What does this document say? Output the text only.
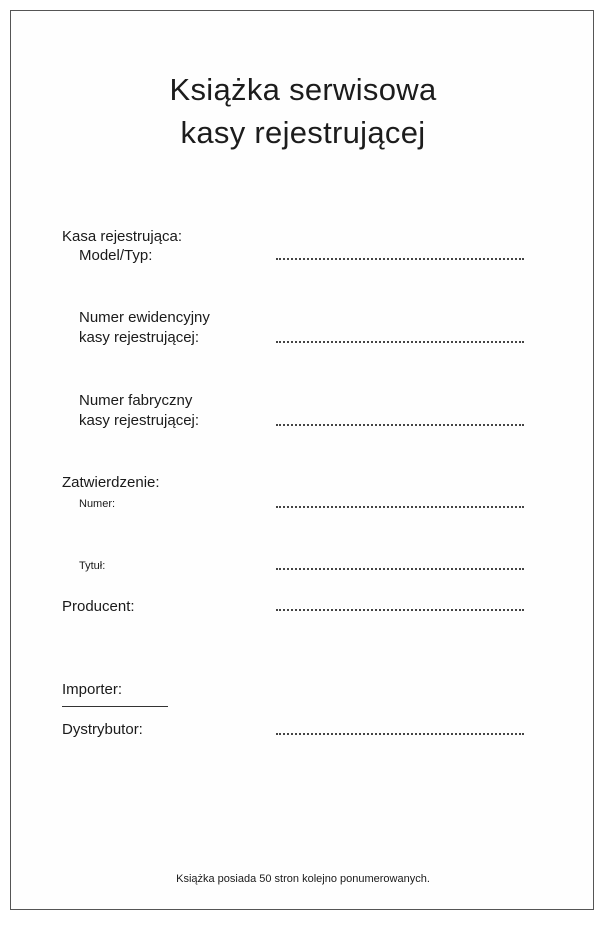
Książka serwisowa
kasy rejestrującej
Kasa rejestrująca:
Model/Typ:
Numer ewidencyjny
kasy rejestrującej:
Numer fabryczny
kasy rejestrującej:
Zatwierdzenie:
Numer:
Tytuł:
Producent:
Importer:
Dystrybutor:
Książka posiada 50 stron kolejno ponumerowanych.
